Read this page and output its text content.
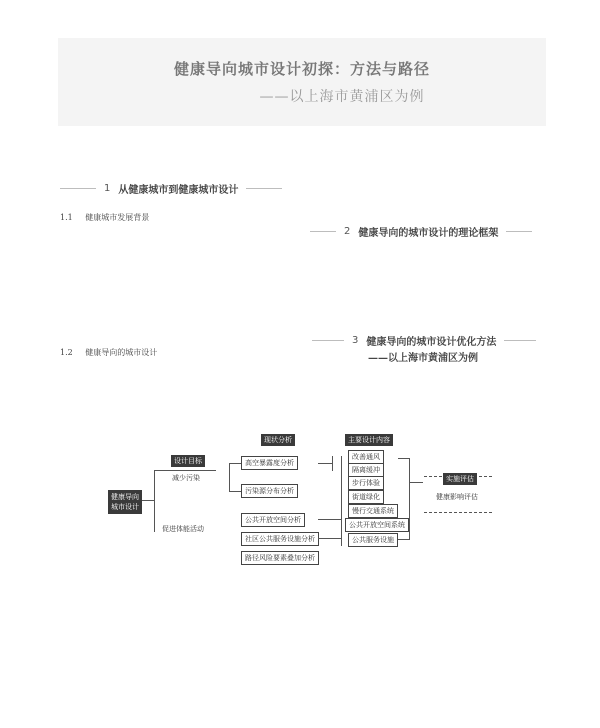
健康导向城市设计初探：方法与路径
——以上海市黄浦区为例
1 从健康城市到健康城市设计
1.1 健康城市发展背景
2 健康导向的城市设计的理论框架
3 健康导向的城市设计优化方法
——以上海市黄浦区为例
1.2 健康导向的城市设计
健康导向
城市设计
设计目标
减少污染
促进体能活动
现状分析
高空暴露度分析
污染源分布分析
公共开放空间分析
社区公共服务设施分析
路径风险要素叠加分析
主要设计内容
改善通风
隔离缓冲
步行体验
街道绿化
慢行交通系统
公共开放空间系统
公共服务设施
实施评估
健康影响评估
